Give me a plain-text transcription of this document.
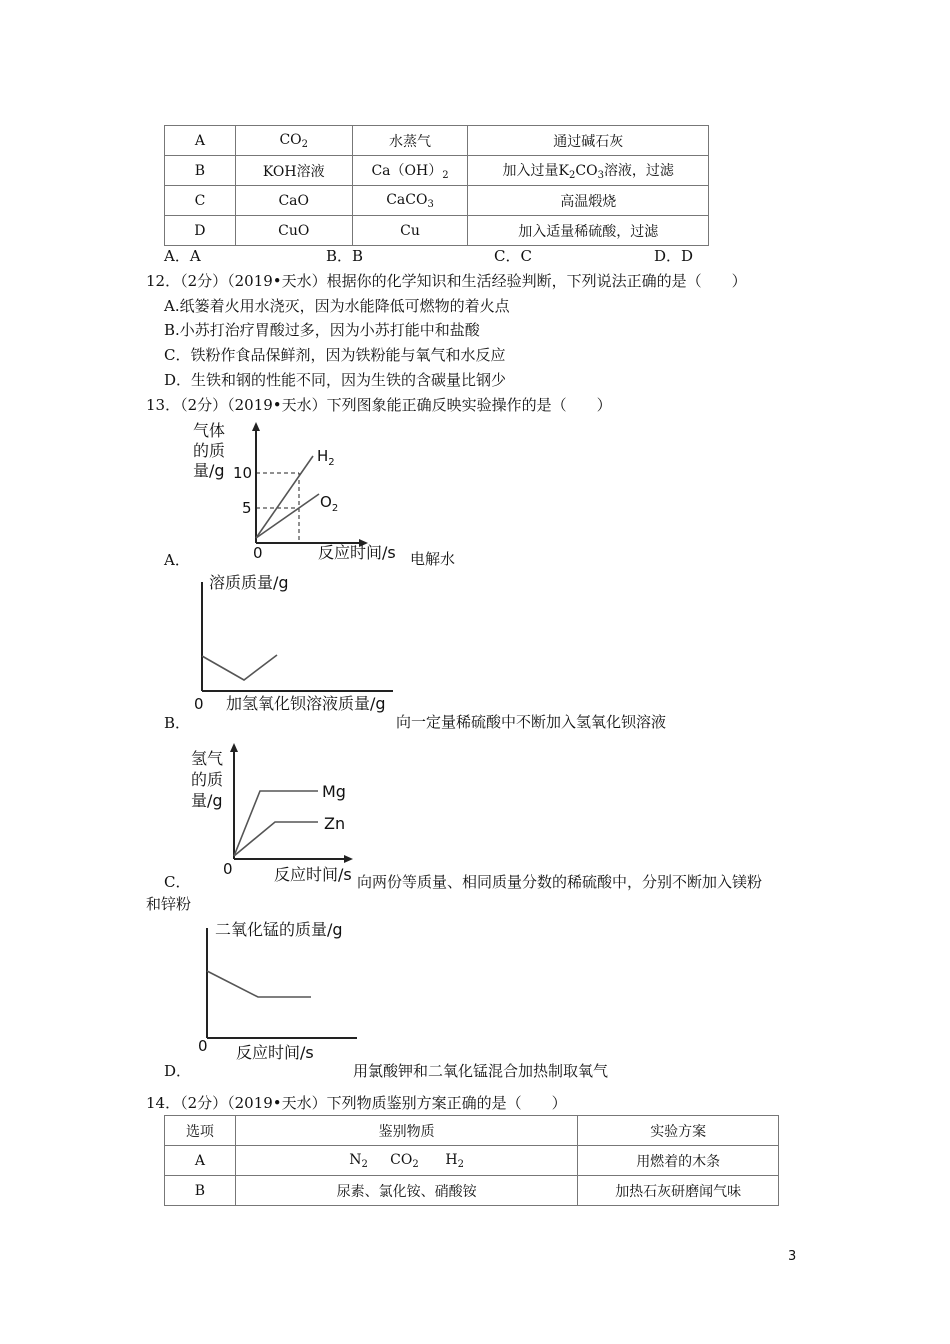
A	$CO_2$	水蒸气	通过碱石灰
B	KOH溶液	$Ca(OH)_2$	加入过量$K_2CO_3$溶液，过滤
C	CaO	CaCO$_3$	高温煅烧
D	CuO	Cu	加入适量稀硫酸，过滤
A．A	B．B	C．C	D．D
12．（2分）（2019•天水）根据你的化学知识和生活经验判断，下列说法正确的是（　　）
A.纸篓着火用水浇灭，因为水能降低可燃物的着火点
B.小苏打治疗胃酸过多，因为小苏打能中和盐酸
C．铁粉作食品保鲜剂，因为铁粉能与氧气和水反应
D．生铁和钢的性能不同，因为生铁的含碳量比钢少
13．（2分）（2019•天水）下列图象能正确反映实验操作的是（　　）
气体
的质
量/g 10
5
$H_2$
$O_2$
0	反应时间/s
A．	电解水
溶质质量/g
0 加氢氧化钡溶液质量/g
B．	向一定量稀硫酸中不断加入氢氧化钡溶液
氢气
的质
量/g	Mg
Zn
0	反应时间/s
C．	向两份等质量、相同质量分数的稀硫酸中，分别不断加入镁粉
和锌粉
二氧化锰的质量/g
0 反应时间/s
D．	用氯酸钾和二氧化锰混合加热制取氧气
14．（2分）（2019•天水）下列物质鉴别方案正确的是（　　）
选项	鉴别物质	实验方案
A	$N_2$     $CO_2$      $H_2$	用燃着的木条
B	尿素、氯化铵、硝酸铵	加热石灰研磨闻气味
3
